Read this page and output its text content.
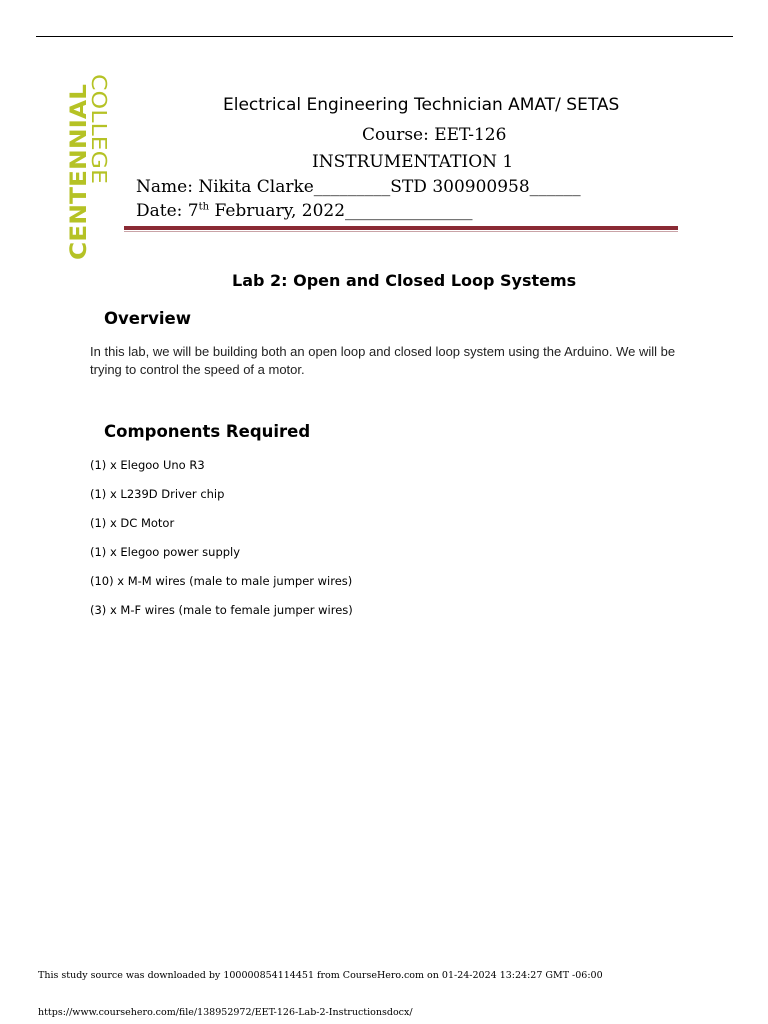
CENTENNIAL
COLLEGE	Electrical Engineering Technician AMAT/ SETAS
Course: EET-126
INSTRUMENTATION 1
Name: Nikita Clarke_________STD 300900958______
Date: 7th February, 2022_______________
Lab 2: Open and Closed Loop Systems
Overview
In this lab, we will be building both an open loop and closed loop system using the Arduino. We will be trying to control the speed of a motor.
Components Required
(1) x Elegoo Uno R3
(1) x L239D Driver chip
(1) x DC Motor
(1) x Elegoo power supply
(10) x M-M wires (male to male jumper wires)
(3) x M-F wires (male to female jumper wires)
This study source was downloaded by 100000854114451 from CourseHero.com on 01-24-2024 13:24:27 GMT -06:00
https://www.coursehero.com/file/138952972/EET-126-Lab-2-Instructionsdocx/
